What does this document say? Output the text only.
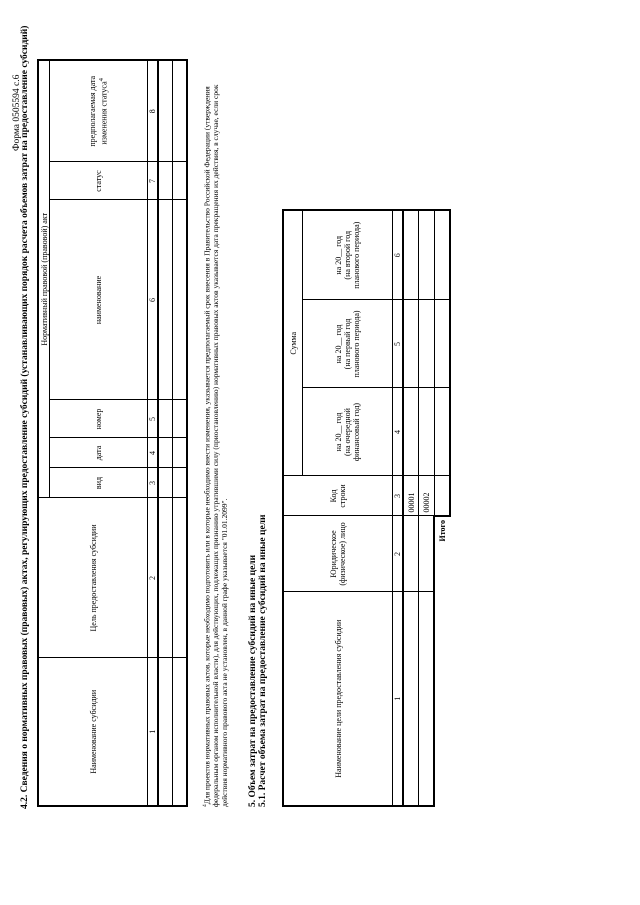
Форма 0505594 с.6
4.2. Сведения о нормативных правовых (правовых) актах, регулирующих предоставление субсидий (устанавливающих порядок расчета объемов затрат на предоставление субсидий)	Наименование субсидии	Цель предоставления субсидии	Нормативный правовой (правовой) акт					
		вид	дата	номер	наименование	статус	предполагаемая дата изменения статуса$^4$
1	2	3	4	5	6	7	8

$^4$Для проектов нормативных правовых актов, которые необходимо подготовить или в которые необходимо внести изменения, указывается предполагаемый срок внесения в Правительство Российской Федерации (утверждения федеральным органом исполнительной власти), для действующих, подлежащих признанию утратившими силу (приостановлению) нормативных правовых актов указывается дата прекращения их действия, в случае, если срок действия нормативного правового акта не установлен, в данной графе указывается "01.01.2099". 5. Объем затрат на предоставление субсидий на иные цели 5.1. Расчет объема затрат на предоставление субсидий на иные цели	Наименование цели предоставления субсидии	Юридическое (физическое) лицо	Код строки	Сумма		

			на 20__ год (на очередной финансовый год)	на 20__ год (на первый год планового периода)	на 20__ год (на второй год планового периода)

1	2	3	4	5	6
		00001			
		00002			
	Итого				
